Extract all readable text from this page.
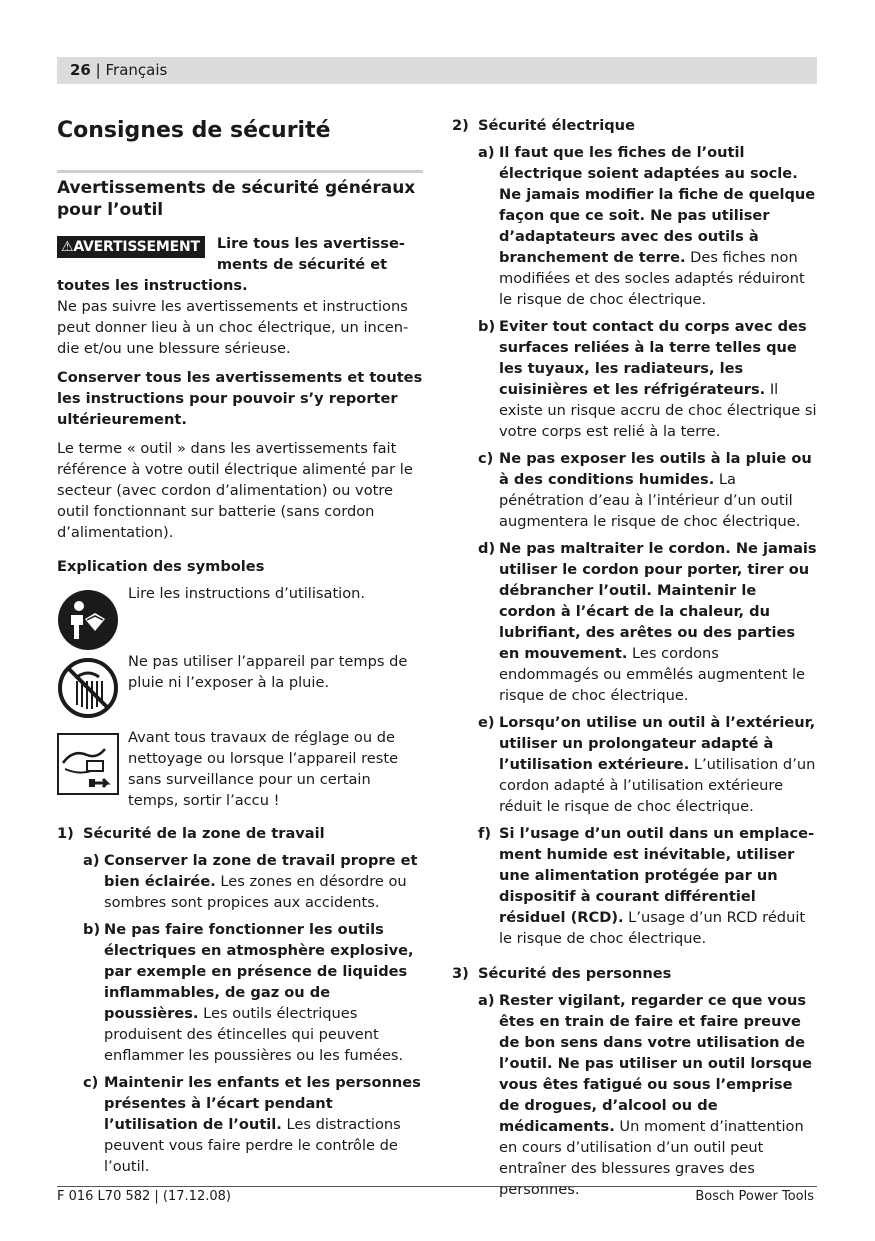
26 | Français
Consignes de sécurité
Avertissements de sécurité généraux pour l’outil
⚠AVERTISSEMENT	Lire tous les avertissements de sécurité et toutes les instructions.

Ne pas suivre les avertissements et instructions peut donner lieu à un choc électrique, un incendie et/ou une blessure sérieuse.

Conserver tous les avertissements et toutes les instructions pour pouvoir s’y reporter ultérieurement.

Le terme « outil » dans les avertissements fait référence à votre outil électrique alimenté par le secteur (avec cordon d’alimentation) ou votre outil fonctionnant sur batterie (sans cordon d’alimentation).

Explication des symboles

Lire les instructions d’utilisation.
Ne pas utiliser l’appareil par temps de pluie ni l’exposer à la pluie.
Avant tous travaux de réglage ou de nettoyage ou lorsque l’appareil reste sans surveillance pour un certain temps, sortir l’accu !
1) Sécurité de la zone de travail
a) Conserver la zone de travail propre et bien éclairée. Les zones en désordre ou sombres sont propices aux accidents.
b) Ne pas faire fonctionner les outils électriques en atmosphère explosive, par exemple en présence de liquides inflammables, de gaz ou de poussières. Les outils électriques produisent des étincelles qui peuvent enflammer les poussières ou les fumées.
c) Maintenir les enfants et les personnes présentes à l’écart pendant l’utilisation de l’outil. Les distractions peuvent vous faire perdre le contrôle de l’outil.
2) Sécurité électrique
a) Il faut que les fiches de l’outil électrique soient adaptées au socle. Ne jamais modifier la fiche de quelque façon que ce soit. Ne pas utiliser d’adaptateurs avec des outils à branchement de terre. Des fiches non modifiées et des socles adaptés réduiront le risque de choc électrique.
b) Eviter tout contact du corps avec des surfaces reliées à la terre telles que les tuyaux, les radiateurs, les cuisinières et les réfrigérateurs. Il existe un risque accru de choc électrique si votre corps est relié à la terre.
c) Ne pas exposer les outils à la pluie ou à des conditions humides. La pénétration d’eau à l’intérieur d’un outil augmentera le risque de choc électrique.
d) Ne pas maltraiter le cordon. Ne jamais utiliser le cordon pour porter, tirer ou débrancher l’outil. Maintenir le cordon à l’écart de la chaleur, du lubrifiant, des arêtes ou des parties en mouvement. Les cordons endommagés ou emmêlés augmentent le risque de choc électrique.
e) Lorsqu’on utilise un outil à l’extérieur, utiliser un prolongateur adapté à l’utilisation extérieure. L’utilisation d’un cordon adapté à l’utilisation extérieure réduit le risque de choc électrique.
f) Si l’usage d’un outil dans un emplacement humide est inévitable, utiliser une alimentation protégée par un dispositif à courant différentiel résiduel (RCD). L’usage d’un RCD réduit le risque de choc électrique.
3) Sécurité des personnes
a) Rester vigilant, regarder ce que vous êtes en train de faire et faire preuve de bon sens dans votre utilisation de l’outil. Ne pas utiliser un outil lorsque vous êtes fatigué ou sous l’emprise de drogues, d’alcool ou de médicaments. Un moment d’inattention en cours d’utilisation d’un outil peut entraîner des blessures graves des personnes.
F 016 L70 582 | (17.12.08)	Bosch Power Tools
